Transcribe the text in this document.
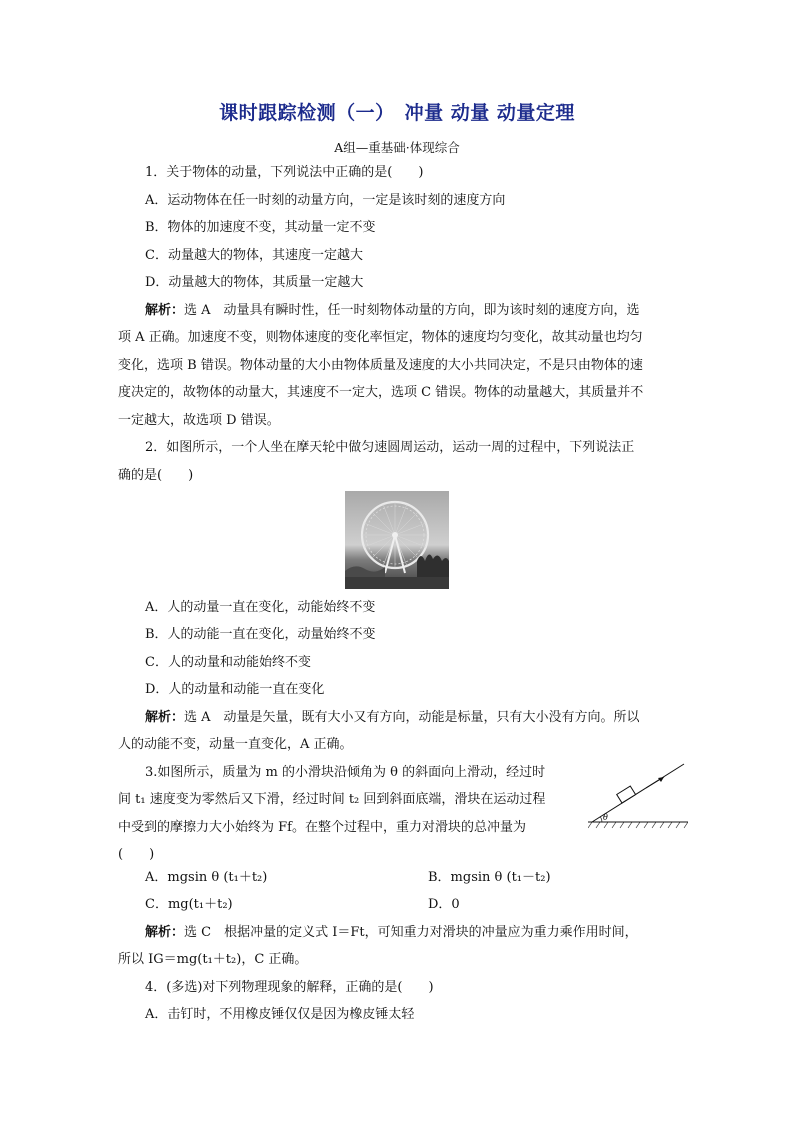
课时跟踪检测（一）　冲量 动量 动量定理
A组—重基础·体现综合
1．关于物体的动量，下列说法中正确的是(　　)
A．运动物体在任一时刻的动量方向，一定是该时刻的速度方向
B．物体的加速度不变，其动量一定不变
C．动量越大的物体，其速度一定越大
D．动量越大的物体，其质量一定越大
解析：选 A　动量具有瞬时性，任一时刻物体动量的方向，即为该时刻的速度方向，选
项 A 正确。加速度不变，则物体速度的变化率恒定，物体的速度均匀变化，故其动量也均匀
变化，选项 B 错误。物体动量的大小由物体质量及速度的大小共同决定，不是只由物体的速
度决定的，故物体的动量大，其速度不一定大，选项 C 错误。物体的动量越大，其质量并不
一定越大，故选项 D 错误。
2．如图所示，一个人坐在摩天轮中做匀速圆周运动，运动一周的过程中，下列说法正
确的是(　　)
A．人的动量一直在变化，动能始终不变
B．人的动能一直在变化，动量始终不变
C．人的动量和动能始终不变
D．人的动量和动能一直在变化
解析：选 A　动量是矢量，既有大小又有方向，动能是标量，只有大小没有方向。所以
人的动能不变，动量一直变化，A 正确。
3.如图所示，质量为 m 的小滑块沿倾角为 θ 的斜面向上滑动，经过时
间 t₁ 速度变为零然后又下滑，经过时间 t₂ 回到斜面底端，滑块在运动过程
中受到的摩擦力大小始终为 Ff。在整个过程中，重力对滑块的总冲量为
(　　)
θ
A．mgsin θ (t₁＋t₂)	B．mgsin θ (t₁－t₂)
C．mg(t₁＋t₂)	D．0
解析：选 C　根据冲量的定义式 I＝Ft，可知重力对滑块的冲量应为重力乘作用时间，
所以 IG＝mg(t₁＋t₂)，C 正确。
4．(多选)对下列物理现象的解释，正确的是(　　)
A．击钉时，不用橡皮锤仅仅是因为橡皮锤太轻
